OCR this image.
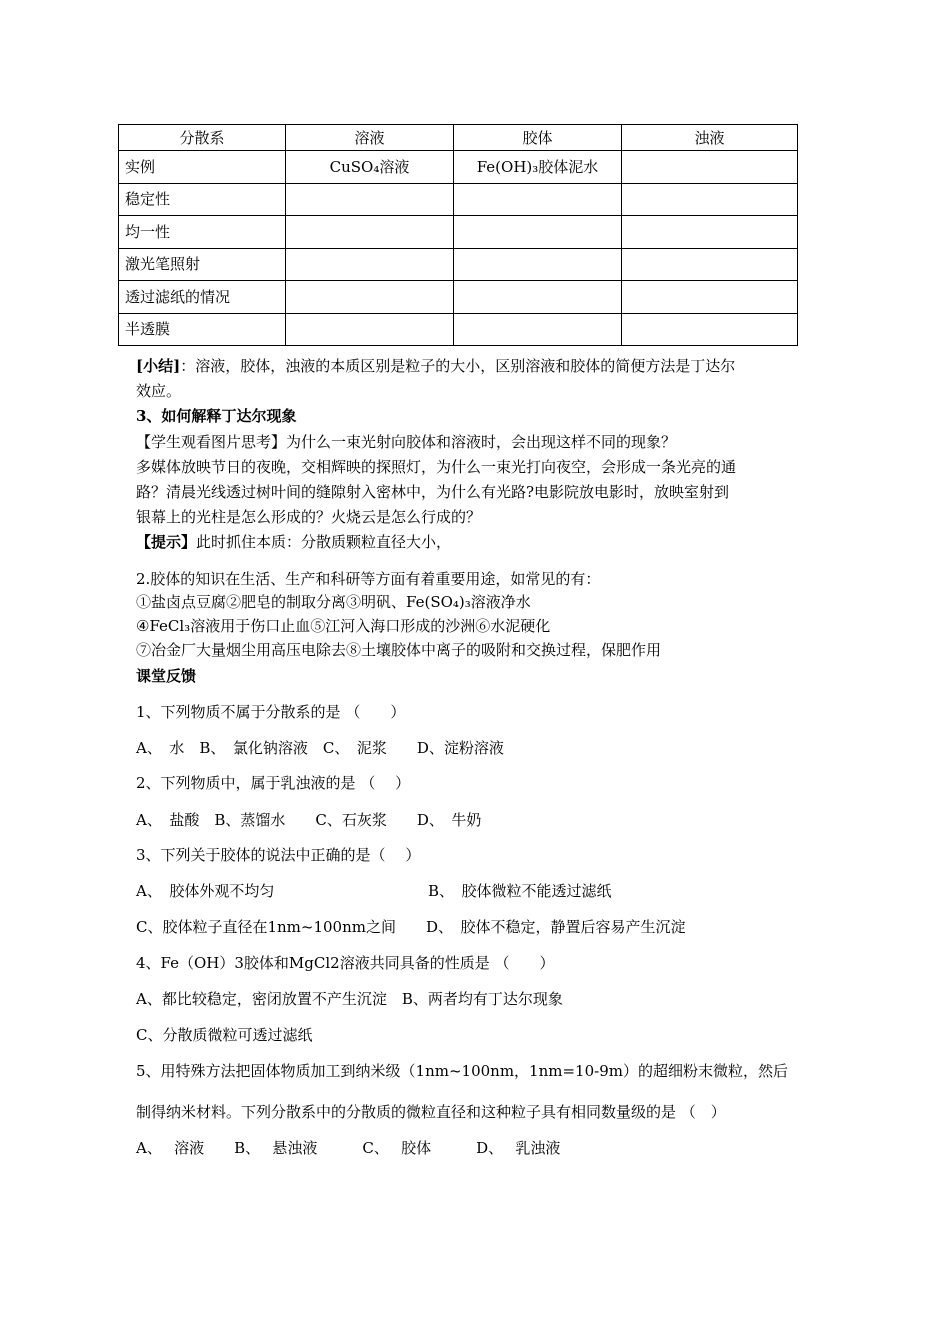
分散系	溶液	胶体	浊液
实例	CuSO₄溶液	Fe(OH)₃胶体泥水	
稳定性			
均一性			
激光笔照射			
透过滤纸的情况			
半透膜			
[小结]：溶液，胶体，浊液的本质区别是粒子的大小，区别溶液和胶体的简便方法是丁达尔
效应。
3、如何解释丁达尔现象
【学生观看图片思考】为什么一束光射向胶体和溶液时，会出现这样不同的现象？
多媒体放映节日的夜晚，交相辉映的探照灯，为什么一束光打向夜空，会形成一条光亮的通
路？清晨光线透过树叶间的缝隙射入密林中，为什么有光路?电影院放电影时，放映室射到
银幕上的光柱是怎么形成的？火烧云是怎么行成的？
【提示】此时抓住本质：分散质颗粒直径大小，
2.胶体的知识在生活、生产和科研等方面有着重要用途，如常见的有：
①盐卤点豆腐②肥皂的制取分离③明矾、Fe(SO₄)₃溶液净水
④FeCl₃溶液用于伤口止血⑤江河入海口形成的沙洲⑥水泥硬化
⑦冶金厂大量烟尘用高压电除去⑧土壤胶体中离子的吸附和交换过程，保肥作用
课堂反馈
1、下列物质不属于分散系的是 （　　）
A、　水　B、　氯化钠溶液　C、　泥浆　　D、淀粉溶液
2、下列物质中，属于乳浊液的是 （　 ）
A、　盐酸　B、蒸馏水　　C、石灰浆　　D、　牛奶
3、下列关于胶体的说法中正确的是（　 ）
A、　胶体外观不均匀	B、　胶体微粒不能透过滤纸
C、胶体粒子直径在1nm~100nm之间　　D、　胶体不稳定，静置后容易产生沉淀
4、Fe（OH）3胶体和MgCl2溶液共同具备的性质是 （　　）
A、都比较稳定，密闭放置不产生沉淀　B、两者均有丁达尔现象
C、分散质微粒可透过滤纸
5、用特殊方法把固体物质加工到纳米级（1nm~100nm，1nm=10-9m）的超细粉末微粒，然后
制得纳米材料。下列分散系中的分散质的微粒直径和这种粒子具有相同数量级的是 （　）
A、　 溶液　　B、　 悬浊液　　　C、　 胶体　　　D、　 乳浊液
